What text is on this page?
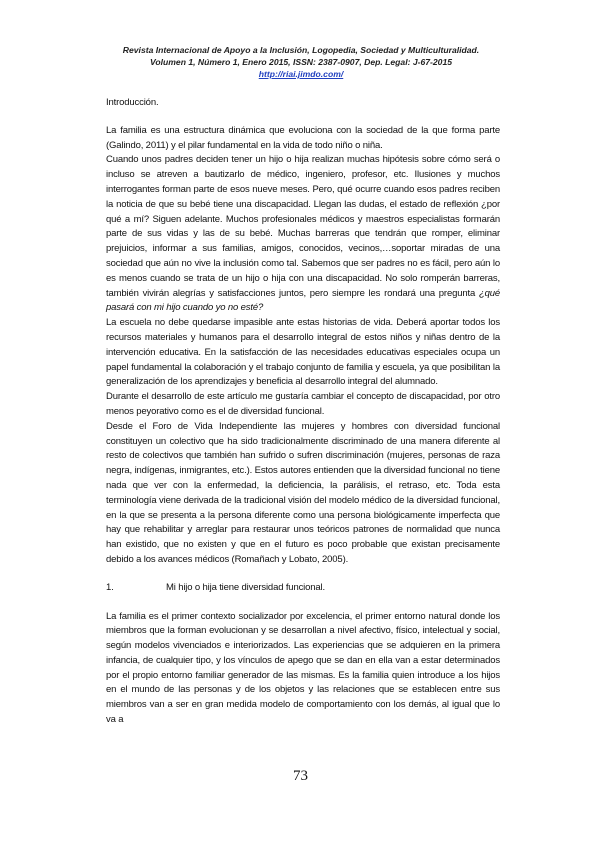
Revista Internacional de Apoyo a la Inclusión, Logopedia, Sociedad y Multiculturalidad.
Volumen 1, Número 1, Enero 2015, ISSN: 2387-0907, Dep. Legal: J-67-2015
http://riai.jimdo.com/

Introducción.

La familia es una estructura dinámica que evoluciona con la sociedad de la que forma parte (Galindo, 2011) y el pilar fundamental en la vida de todo niño o niña.

Cuando unos padres deciden tener un hijo o hija realizan muchas hipótesis sobre cómo será o incluso se atreven a bautizarlo de médico, ingeniero, profesor, etc. Ilusiones y muchos interrogantes forman parte de esos nueve meses. Pero, qué ocurre cuando esos padres reciben la noticia de que su bebé tiene una discapacidad. Llegan las dudas, el estado de reflexión ¿por qué a mí? Siguen adelante. Muchos profesionales médicos y maestros especialistas formarán parte de sus vidas y las de su bebé. Muchas barreras que tendrán que romper, eliminar prejuicios, informar a sus familias, amigos, conocidos, vecinos,…soportar miradas de una sociedad que aún no vive la inclusión como tal. Sabemos que ser padres no es fácil, pero aún lo es menos cuando se trata de un hijo o hija con una discapacidad. No solo romperán barreras, también vivirán alegrías y satisfacciones juntos, pero siempre les rondará una pregunta ¿qué pasará con mi hijo cuando yo no esté?

La escuela no debe quedarse impasible ante estas historias de vida. Deberá aportar todos los recursos materiales y humanos para el desarrollo integral de estos niños y niñas dentro de la intervención educativa. En la satisfacción de las necesidades educativas especiales ocupa un papel fundamental la colaboración y el trabajo conjunto de familia y escuela, ya que posibilitan la generalización de los aprendizajes y beneficia al desarrollo integral del alumnado.

Durante el desarrollo de este artículo me gustaría cambiar el concepto de discapacidad, por otro menos peyorativo como es el de diversidad funcional.

Desde el Foro de Vida Independiente las mujeres y hombres con diversidad funcional constituyen un colectivo que ha sido tradicionalmente discriminado de una manera diferente al resto de colectivos que también han sufrido o sufren discriminación (mujeres, personas de raza negra, indígenas, inmigrantes, etc.). Estos autores entienden que la diversidad funcional no tiene nada que ver con la enfermedad, la deficiencia, la parálisis, el retraso, etc. Toda esta terminología viene derivada de la tradicional visión del modelo médico de la diversidad funcional, en la que se presenta a la persona diferente como una persona biológicamente imperfecta que hay que rehabilitar y arreglar para restaurar unos teóricos patrones de normalidad que nunca han existido, que no existen y que en el futuro es poco probable que existan precisamente debido a los avances médicos (Romañach y Lobato, 2005).

1.	Mi hijo o hija tiene diversidad funcional.

La familia es el primer contexto socializador por excelencia, el primer entorno natural donde los miembros que la forman evolucionan y se desarrollan a nivel afectivo, físico, intelectual y social, según modelos vivenciados e interiorizados. Las experiencias que se adquieren en la primera infancia, de cualquier tipo, y los vínculos de apego que se dan en ella van a estar determinados por el propio entorno familiar generador de las mismas. Es la familia quien introduce a los hijos en el mundo de las personas y de los objetos y las relaciones que se establecen entre sus miembros van a ser en gran medida modelo de comportamiento con los demás, al igual que lo va a

73
